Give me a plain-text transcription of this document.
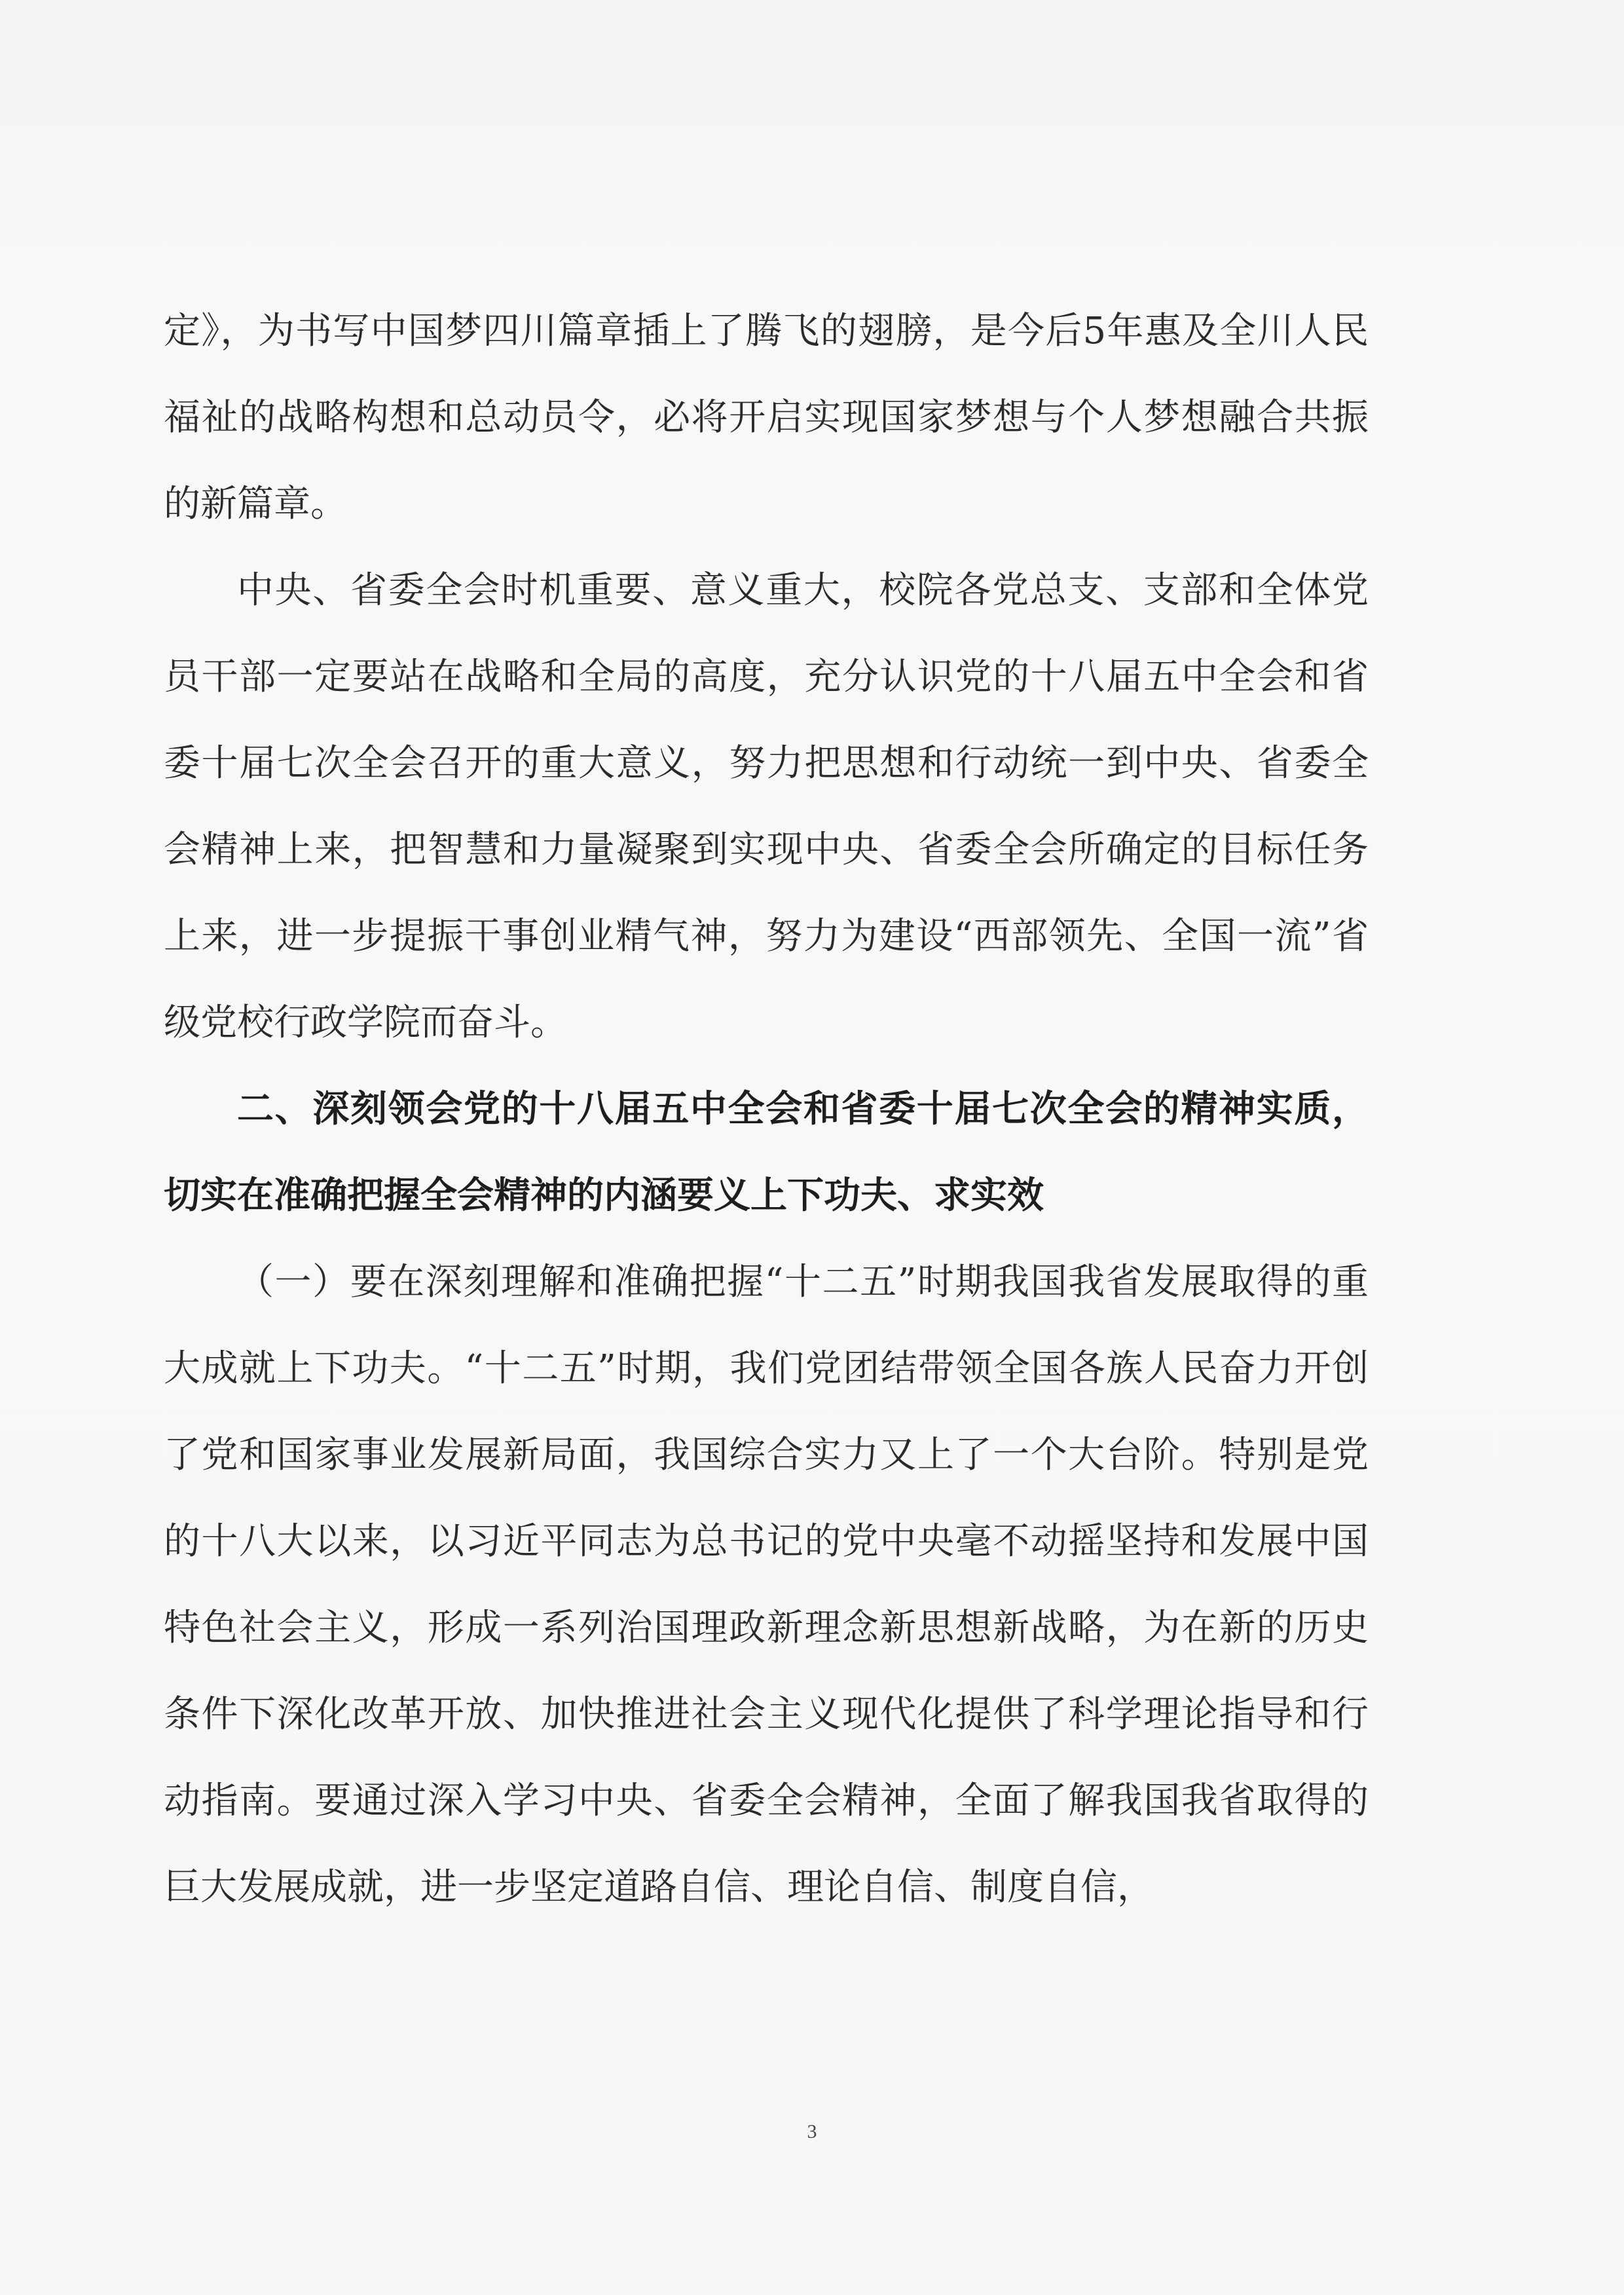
定》，为书写中国梦四川篇章插上了腾飞的翅膀，是今后5年惠及全川人民福祉的战略构想和总动员令，必将开启实现国家梦想与个人梦想融合共振的新篇章。

中央、省委全会时机重要、意义重大，校院各党总支、支部和全体党员干部一定要站在战略和全局的高度，充分认识党的十八届五中全会和省委十届七次全会召开的重大意义，努力把思想和行动统一到中央、省委全会精神上来，把智慧和力量凝聚到实现中央、省委全会所确定的目标任务上来，进一步提振干事创业精气神，努力为建设“西部领先、全国一流”省级党校行政学院而奋斗。

二、深刻领会党的十八届五中全会和省委十届七次全会的精神实质，切实在准确把握全会精神的内涵要义上下功夫、求实效

（一）要在深刻理解和准确把握“十二五”时期我国我省发展取得的重大成就上下功夫。“十二五”时期，我们党团结带领全国各族人民奋力开创了党和国家事业发展新局面，我国综合实力又上了一个大台阶。特别是党的十八大以来，以习近平同志为总书记的党中央毫不动摇坚持和发展中国特色社会主义，形成一系列治国理政新理念新思想新战略，为在新的历史条件下深化改革开放、加快推进社会主义现代化提供了科学理论指导和行动指南。要通过深入学习中央、省委全会精神，全面了解我国我省取得的巨大发展成就，进一步坚定道路自信、理论自信、制度自信，

3
